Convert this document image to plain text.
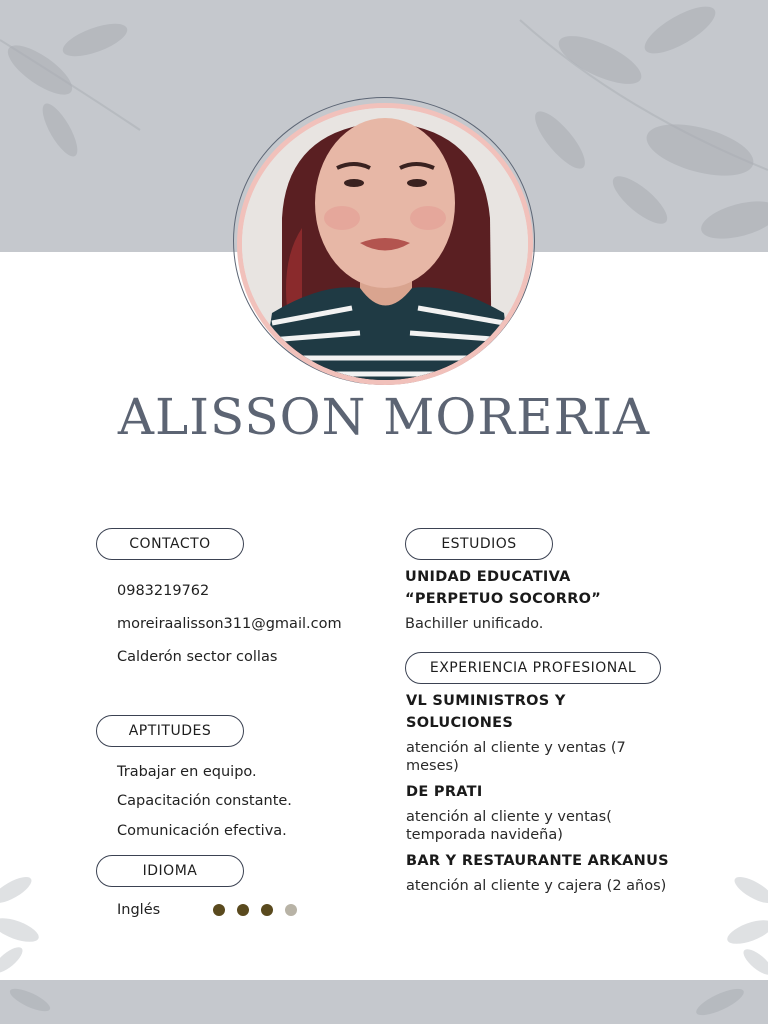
ALISSON MORERIA
CONTACTO
0983219762
moreiraalisson311@gmail.com
Calderón sector collas
APTITUDES
Trabajar en equipo.
Capacitación constante.
Comunicación efectiva.
IDIOMA
Inglés
ESTUDIOS
UNIDAD EDUCATIVA
“PERPETUO SOCORRO”
Bachiller unificado.
EXPERIENCIA PROFESIONAL
VL SUMINISTROS Y
SOLUCIONES
atención al cliente y ventas (7
meses)
DE PRATI
atención al cliente y ventas(
temporada navideña)
BAR Y RESTAURANTE ARKANUS
atención al cliente y cajera (2 años)
